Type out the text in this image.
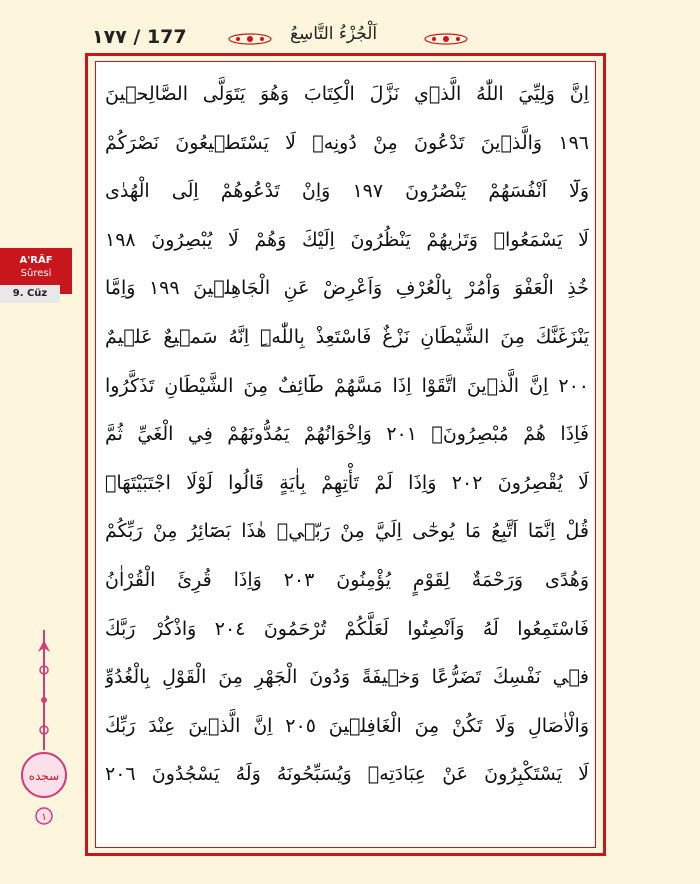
١٧٧ / 177	اَلْجُزْءُ التَّاسِعُ
A'RÂF
Sûresi
9. Cüz
سجده
١
اِنَّ وَلِيِّيَ اللّٰهُ الَّذٖي نَزَّلَ الْكِتَابَ وَهُوَ يَتَوَلَّى الصَّالِحٖينَ
١٩٦ وَالَّذٖينَ تَدْعُونَ مِنْ دُونِهٖ لَا يَسْتَطٖيعُونَ نَصْرَكُمْ
وَلَٓا اَنْفُسَهُمْ يَنْصُرُونَ ١٩٧ وَاِنْ تَدْعُوهُمْ اِلَى الْهُدٰى
لَا يَسْمَعُواۜ وَتَرٰيهُمْ يَنْظُرُونَ اِلَيْكَ وَهُمْ لَا يُبْصِرُونَ ١٩٨
خُذِ الْعَفْوَ وَاْمُرْ بِالْعُرْفِ وَاَعْرِضْ عَنِ الْجَاهِلٖينَ ١٩٩ وَاِمَّا
يَنْزَغَنَّكَ مِنَ الشَّيْطَانِ نَزْغٌ فَاسْتَعِذْ بِاللّٰهِۜ اِنَّهُ سَمٖيعٌ عَلٖيمٌ
٢٠٠ اِنَّ الَّذٖينَ اتَّقَوْا اِذَا مَسَّهُمْ طَٓائِفٌ مِنَ الشَّيْطَانِ تَذَكَّرُوا
فَاِذَا هُمْ مُبْصِرُونَۚ ٢٠١ وَاِخْوَانُهُمْ يَمُدُّونَهُمْ فِي الْغَيِّ ثُمَّ
لَا يُقْصِرُونَ ٢٠٢ وَاِذَا لَمْ تَأْتِهِمْ بِاٰيَةٍ قَالُوا لَوْلَا اجْتَبَيْتَهَاۜ
قُلْ اِنَّمَٓا اَتَّبِعُ مَا يُوحٰٓى اِلَيَّ مِنْ رَبّٖيۚ هٰذَا بَصَٓائِرُ مِنْ رَبِّكُمْ
وَهُدًى وَرَحْمَةٌ لِقَوْمٍ يُؤْمِنُونَ ٢٠٣ وَاِذَا قُرِئَ الْقُرْاٰنُ
فَاسْتَمِعُوا لَهُ وَاَنْصِتُوا لَعَلَّكُمْ تُرْحَمُونَ ٢٠٤ وَاذْكُرْ رَبَّكَ
فٖي نَفْسِكَ تَضَرُّعًا وَخٖيفَةً وَدُونَ الْجَهْرِ مِنَ الْقَوْلِ بِالْغُدُوِّ
وَالْاٰصَالِ وَلَا تَكُنْ مِنَ الْغَافِلٖينَ ٢٠٥ اِنَّ الَّذٖينَ عِنْدَ رَبِّكَ
لَا يَسْتَكْبِرُونَ عَنْ عِبَادَتِهٖ وَيُسَبِّحُونَهُ وَلَهُ يَسْجُدُونَ ٢٠٦
